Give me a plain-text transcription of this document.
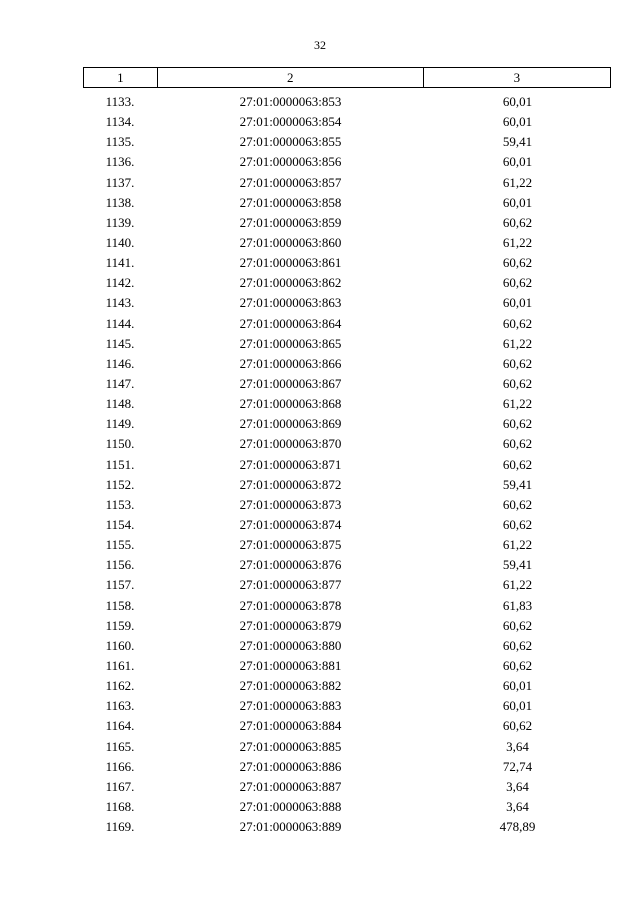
32
1	2	3
1133.	27:01:0000063:853	60,01
1134.	27:01:0000063:854	60,01
1135.	27:01:0000063:855	59,41
1136.	27:01:0000063:856	60,01
1137.	27:01:0000063:857	61,22
1138.	27:01:0000063:858	60,01
1139.	27:01:0000063:859	60,62
1140.	27:01:0000063:860	61,22
1141.	27:01:0000063:861	60,62
1142.	27:01:0000063:862	60,62
1143.	27:01:0000063:863	60,01
1144.	27:01:0000063:864	60,62
1145.	27:01:0000063:865	61,22
1146.	27:01:0000063:866	60,62
1147.	27:01:0000063:867	60,62
1148.	27:01:0000063:868	61,22
1149.	27:01:0000063:869	60,62
1150.	27:01:0000063:870	60,62
1151.	27:01:0000063:871	60,62
1152.	27:01:0000063:872	59,41
1153.	27:01:0000063:873	60,62
1154.	27:01:0000063:874	60,62
1155.	27:01:0000063:875	61,22
1156.	27:01:0000063:876	59,41
1157.	27:01:0000063:877	61,22
1158.	27:01:0000063:878	61,83
1159.	27:01:0000063:879	60,62
1160.	27:01:0000063:880	60,62
1161.	27:01:0000063:881	60,62
1162.	27:01:0000063:882	60,01
1163.	27:01:0000063:883	60,01
1164.	27:01:0000063:884	60,62
1165.	27:01:0000063:885	3,64
1166.	27:01:0000063:886	72,74
1167.	27:01:0000063:887	3,64
1168.	27:01:0000063:888	3,64
1169.	27:01:0000063:889	478,89
